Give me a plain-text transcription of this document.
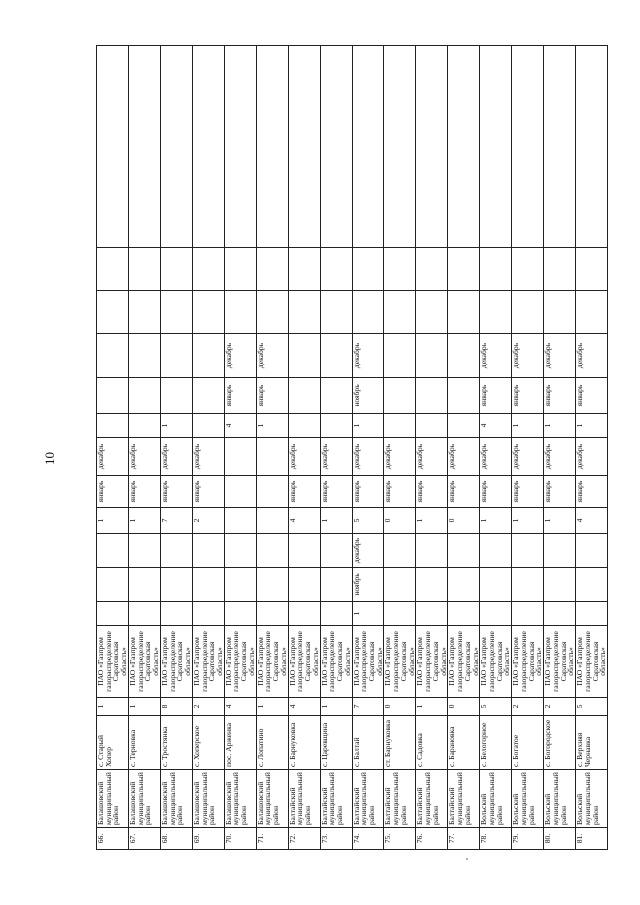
10
66.	Балашовский муниципальный район	с. Старый Хопер	1	ПАО «Газпром газораспределение Саратовская область»				1	январь	декабрь						
67.	Балашовский муниципальный район	с. Терновка	1	ПАО «Газпром газораспределение Саратовская область»				1	январь	декабрь						
68.	Балашовский муниципальный район	с. Тростянка	8	ПАО «Газпром газораспределение Саратовская область»				7	январь	декабрь	1					
69.	Балашовский муниципальный район	с. Хоперское	2	ПАО «Газпром газораспределение Саратовская область»				2	январь	декабрь						
70.	Балашовский муниципальный район	пос. Арженка	4	ПАО «Газпром газораспределение Саратовская область»							4	январь	декабрь			
71.	Балашовский муниципальный район	с. Лопатино	1	ПАО «Газпром газораспределение Саратовская область»							1	январь	декабрь			
72.	Балтайский муниципальный район	с. Барнуковка	4	ПАО «Газпром газораспределение Саратовская область»				4	январь	декабрь						
73.	Балтайский муниципальный район	с. Царевщина	1	ПАО «Газпром газораспределение Саратовская область»				1	январь	декабрь						
74.	Балтайский муниципальный район	с. Балтай	7	ПАО «Газпром газораспределение Саратовская область»	1	ноябрь	декабрь	5	январь	декабрь	1	ноябрь	декабрь			
75.	Балтайский муниципальный район	ст. Барнуковка	0	ПАО «Газпром газораспределение Саратовская область»				0	январь	декабрь						
76.	Балтайский муниципальный район	с. Садовка	1	ПАО «Газпром газораспределение Саратовская область»				1	январь	декабрь						
77.	Балтайский муниципальный район	с. Барановка	0	ПАО «Газпром газораспределение Саратовская область»				0	январь	декабрь						
78.	Вольский муниципальный район	с. Белогорное	5	ПАО «Газпром газораспределение Саратовская область»				1	январь	декабрь	4	январь	декабрь			
79.	Вольский муниципальный район	с. Богатое	2	ПАО «Газпром газораспределение Саратовская область»				1	январь	декабрь	1	январь	декабрь			
80.	Вольский муниципальный район	с. Богородское	2	ПАО «Газпром газораспределение Саратовская область»				1	январь	декабрь	1	январь	декабрь			
81.	Вольский муниципальный район	с. Верхняя Чернавка	5	ПАО «Газпром газораспределение Саратовская область»				4	январь	декабрь	1	январь	декабрь			
